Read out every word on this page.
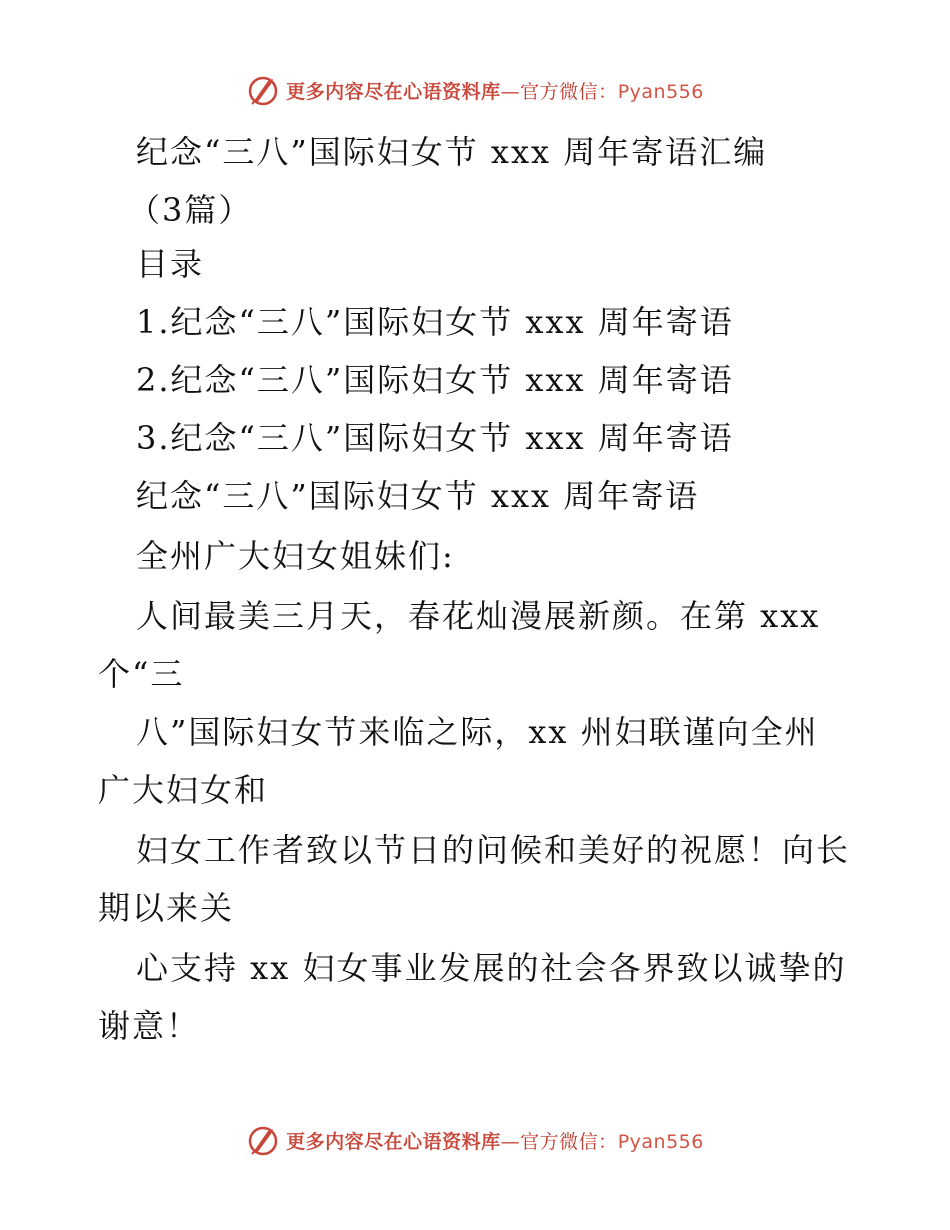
更多内容尽在心语资料库—官方微信：Pyan556
纪念“三八”国际妇女节 xxx 周年寄语汇编
（3篇）
目录
1.纪念“三八”国际妇女节 xxx 周年寄语
2.纪念“三八”国际妇女节 xxx 周年寄语
3.纪念“三八”国际妇女节 xxx 周年寄语
纪念“三八”国际妇女节 xxx 周年寄语
全州广大妇女姐妹们:
人间最美三月天，春花灿漫展新颜。在第 xxx
个“三
八”国际妇女节来临之际，xx 州妇联谨向全州
广大妇女和
妇女工作者致以节日的问候和美好的祝愿！向长
期以来关
心支持 xx 妇女事业发展的社会各界致以诚挚的
谢意！
更多内容尽在心语资料库—官方微信：Pyan556
